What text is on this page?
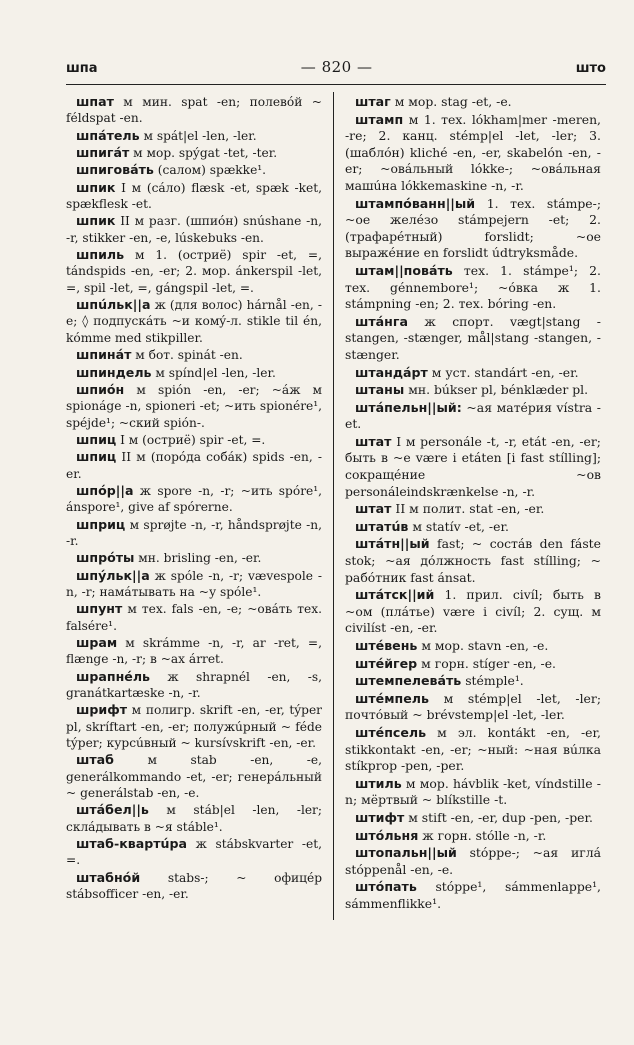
шпа	— 820 —	што
шпат м мин. spat -en; полевóй ~ féldspat -en.
шпáтель м spát|el -len, -ler.
шпигáт м мор. spýgat -tet, -ter.
шпиговáть (салом) spække¹.
шпик I м (сáло) flæsk -et, spæk -ket, spækflesk -et.
шпик II м разг. (шпиóн) snúshane -n, -r, stikker -en, -e, lúskebuks -en.
шпиль м 1. (остриё) spir -et, =, tándspids -en, -er; 2. мор. ánkerspil -let, =, spil -let, =, gángspil -let, =.
шпúльк||а ж (для волос) hárnål -en, -e; ◊ подпускáть ~и комý-л. stikle til én, kómme med stikpiller.
шпинáт м бот. spinát -en.
шпиндель м spínd|el -len, -ler.
шпиóн м spión -en, -er; ~áж м spionáge -n, spioneri -et; ~ить spionére¹, spéjde¹; ~ский spión-.
шпиц I м (остриё) spir -et, =.
шпиц II м (порóда собáк) spids -en, -er.
шпóр||а ж spore -n, -r; ~ить spóre¹, ánspore¹, give af spórerne.
шприц м sprøjte -n, -r, håndsprøjte -n, -r.
шпрóты мн. brisling -en, -er.
шпýльк||а ж spóle -n, -r; vævespole -n, -r; намáтывать на ~у spóle¹.
шпунт м тех. fals -en, -e; ~овáть тех. falsére¹.
шрам м skrámme -n, -r, ar -ret, =, flænge -n, -r; в ~ах árret.
шрапнéль ж shrapnél -en, -s, granátkartæske -n, -r.
шрифт м полигр. skrift -en, -er, týper pl, skríftart -en, -er; полужúрный ~ féde týper; курсúвный ~ kursívskrift -en, -er.
штаб м stab -en, -e, generálkommando -et, -er; генерáльный ~ generálstab -en, -e.
штáбел||ь м stáb|el -len, -ler; склáдывать в ~я stáble¹.
штаб-квартúра ж stábskvarter -et, =.
штабнóй stabs-; ~ офицéр stábsofficer -en, -er.
штаг м мор. stag -et, -e.
штамп м 1. тех. lókham|mer -meren, -re; 2. канц. stémp|el -let, -ler; 3. (шаблóн) kliché -en, -er, skabelón -en, -er; ~овáльный lókke-; ~овáльная машúна lókkemaskine -n, -r.
штампóванн||ый 1. тех. stámpe-; ~ое желéзо stámpejern -et; 2. (трафарéтный) forslidt; ~ое выражéние en forslidt údtryksmåde.
штам||повáть тех. 1. stámpe¹; 2. тех. génnembore¹; ~óвка ж 1. stámpning -en; 2. тех. bóring -en.
штáнга ж спорт. vægt|stang -stangen, -stænger, mål|stang -stangen, -stænger.
штандáрт м уст. standárt -en, -er.
штаны мн. búkser pl, bénklæder pl.
штáпельн||ый: ~ая матéрия vístra -et.
штат I м personále -t, -r, etát -en, -er; быть в ~е være i etáten [i fast stílling]; сокращéние ~ов personáleindskrænkelse -n, -r.
штат II м полит. stat -en, -er.
штатúв м statív -et, -er.
штáтн||ый fast; ~ состáв den fáste stok; ~ая дóлжность fast stílling; ~ рабóтник fast ánsat.
штáтск||ий 1. прил. civíl; быть в ~ом (плáтье) være i civíl; 2. сущ. м civilíst -en, -er.
штéвень м мор. stavn -en, -e.
штéйгер м горн. stíger -en, -e.
штемпелевáть stémple¹.
штéмпель м stémp|el -let, -ler; почтóвый ~ brévstemp|el -let, -ler.
штéпсель м эл. kontákt -en, -er, stikkontakt -en, -er; ~ный: ~ная вúлка stíkprop -pen, -per.
штиль м мор. hávblik -ket, víndstille -n; мёртвый ~ blíkstille -t.
штифт м stift -en, -er, dup -pen, -per.
штóльня ж горн. stólle -n, -r.
штопальн||ый stóppe-; ~ая иглá stóppenål -en, -e.
штóпать stóppe¹, sámmenlappe¹, sámmenflikke¹.
